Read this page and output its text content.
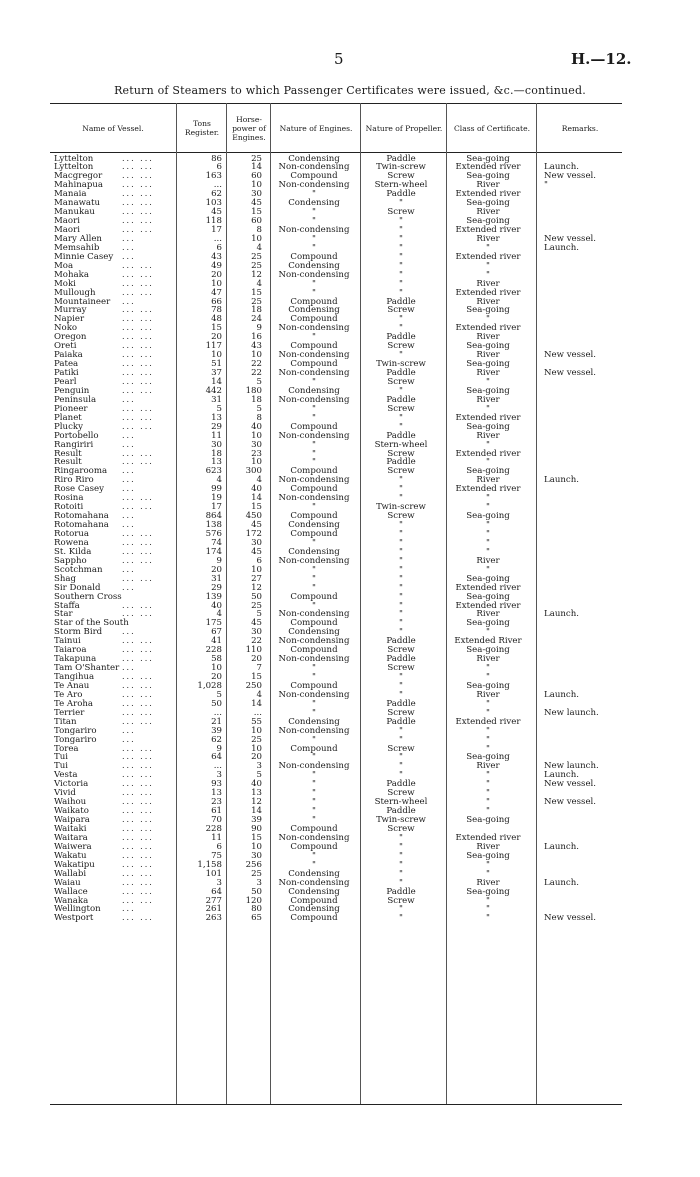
5	H.—12.
Return of Steamers to which Passenger Certificates were issued, &c.—continued.
Name of Vessel.	Tons Register.
Horse-power of Engines.
Nature of Engines.	Nature of Propeller.	Class of Certificate.	Remarks.
Lyttelton	... ...	86	25	Condensing	Paddle	Sea-going
Lyttelton	... ...	6	14	Non-condensing	Twin-screw	Extended river	Launch.
Macgregor ... ...	163	60	Compound	Screw	Sea-going	New vessel.
Mahinapua ... ...	...	10	Non-condensing	Stern-wheel	River	"
Manaia	... ...	62	30	"	Paddle	Extended river
Manawatu	... ...	103	45	Condensing	"	Sea-going
Manukau	... ...	45	15	"	Screw	River
Maori	... ...	118	60	"	"	Sea-going
Maori	... ...	17	8	Non-condensing	"	Extended river
Mary Allen	...	...	10	"	"	River	New vessel.
Memsahib	...	6	4	"	"	"	Launch.
Minnie Casey ...	43	25	Compound	"	Extended river
Moa	... ...	49	25	Condensing	"	"
Mohaka	... ...	20	12	Non-condensing	"	"
Moki	... ...	10	4	"	"	River
Mullough	... ...	47	15	"	"	Extended river
Mountaineer ...	66	25	Compound	Paddle	River
Murray	... ...	78	18	Condensing	Screw	Sea-going
Napier	... ...	48	24	Compound	"	"
Noko	... ...	15	9	Non-condensing	"	Extended river
Oregon	... ...	20	16	"	Paddle	River
Oreti	... ...	117	43	Compound	Screw	Sea-going
Paiaka	... ...	10	10	Non-condensing	"	River	New vessel.
Patea	... ...	51	22	Compound	Twin-screw	Sea-going
Patiki	... ...	37	22	Non-condensing	Paddle	River	New vessel.
Pearl	... ...	14	5	"	Screw	"
Penguin	... ...	442	180	Condensing	"	Sea-going
Peninsula	...	31	18	Non-condensing	Paddle	River
Pioneer	... ...	5	5	"	Screw	"
Planet	... ...	13	8	"	"	Extended river
Plucky	... ...	29	40	Compound	"	Sea-going
Portobello	...	11	10	Non-condensing	Paddle	River
Rangiriri	...	30	30	"	Stern-wheel	"
Result	... ...	18	23	"	Screw	Extended river
Result	... ...	13	10	"	Paddle	"
Ringarooma ...	623	300	Compound	Screw	Sea-going
Riro Riro	...	4	4	Non-condensing	"	River	Launch.
Rose Casey ...	99	40	Compound	"	Extended river
Rosina	... ...	19	14	Non-condensing	"	"
Rotoiti	... ...	17	15	"	Twin-screw	"
Rotomahana ...	864	450	Compound	Screw	Sea-going
Rotomahana ...	138	45	Condensing	"	"
Rotorua	... ...	576	172	Compound	"	"
Rowena	... ...	74	30	"	"	"
St. Kilda	... ...	174	45	Condensing	"	"
Sappho	... ...	9	6	Non-condensing	"	River
Scotchman ...	20	10	"	"	"
Shag	... ...	31	27	"	"	Sea-going
Sir Donald	...	29	12	"	"	Extended river
Southern Cross	139	50	Compound	"	Sea-going
Staffa	... ...	40	25	"	"	Extended river
Star	... ...	4	5	Non-condensing	"	River	Launch.
Star of the South	175	45	Compound	"	Sea-going
Storm Bird ...	67	30	Condensing	"	"
Tainui	... ...	41	22	Non-condensing	Paddle	Extended River
Taiaroa	... ...	228	110	Compound	Screw	Sea-going
Takapuna	... ...	58	20	Non-condensing	Paddle	River
Tam O'Shanter ...	10	7	"	Screw	"
Tangihua	... ...	20	15	"	"	"
Te Anau	... ...	1,028	250	Compound	"	Sea-going
Te Aro	... ...	5	4	Non-condensing	"	River	Launch.
Te Aroha	... ...	50	14	"	Paddle	"
Terrier	... ...	...	...	"	Screw	"	New launch.
Titan	... ...	21	55	Condensing	Paddle	Extended river
Tongariro	...	39	10	Non-condensing	"	"
Tongariro	...	62	25	"	"	"
Torea	... ...	9	10	Compound	Screw	"
Tui	... ...	64	20	"	"	Sea-going
Tui	... ...	...	3	Non-condensing	"	River	New launch.
Vesta	... ...	3	5	"	"	"	Launch.
Victoria	... ...	93	40	"	Paddle	"	New vessel.
Vivid	... ...	13	13	"	Screw	"
Waihou	... ...	23	12	"	Stern-wheel	"	New vessel.
Waikato	... ...	61	14	"	Paddle	"
Waipara	... ...	70	39	"	Twin-screw	Sea-going
Waitaki	... ...	228	90	Compound	Screw
Waitara	... ...	11	15	Non-condensing	"	Extended river
Waiwera	... ...	6	10	Compound	"	River	Launch.
Wakatu	... ...	75	30	"	"	Sea-going
Wakatipu	... ...	1,158	256	"	"	"
Wallabi	... ...	101	25	Condensing	"	"
Waiau	... ...	3	3	Non-condensing	"	River	Launch.
Wallace	... ...	64	50	Condensing	Paddle	Sea-going
Wanaka	... ...	277	120	Compound	Screw	"
Wellington	...	261	80	Condensing	"	"
Westport	... ...	263	65	Compound	"	"	New vessel.
